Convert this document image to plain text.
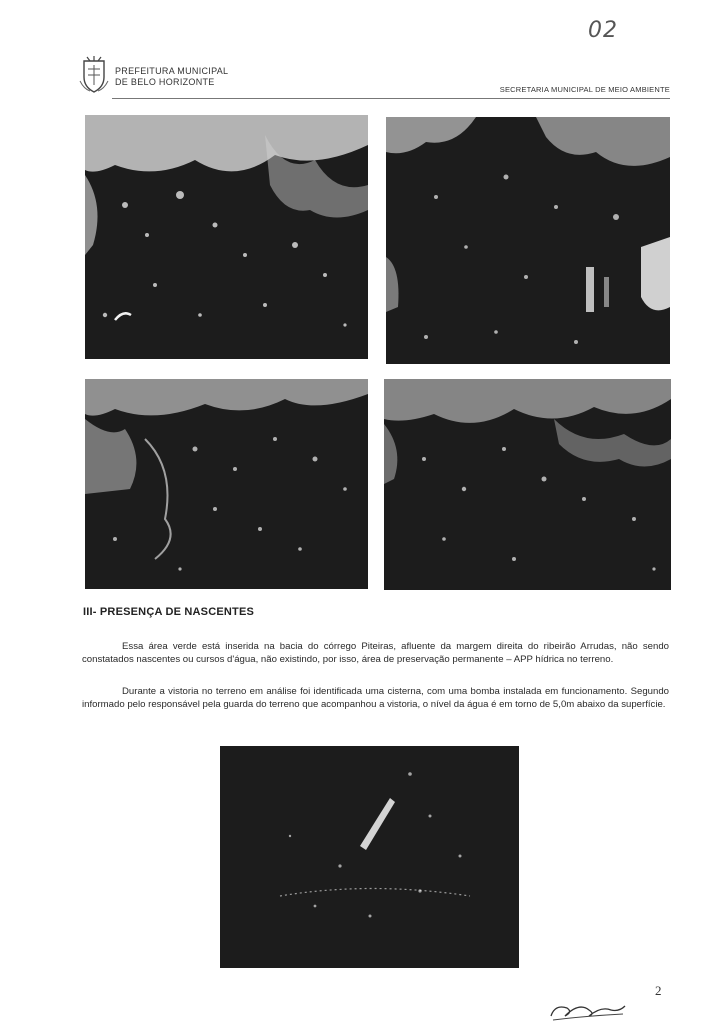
02
PREFEITURA MUNICIPAL
DE BELO HORIZONTE
SECRETARIA MUNICIPAL DE MEIO AMBIENTE
III- PRESENÇA DE NASCENTES
Essa área verde está inserida na bacia do córrego Piteiras, afluente da margem direita do ribeirão Arrudas, não sendo constatados nascentes ou cursos d'água, não existindo, por isso, área de preservação permanente – APP hídrica no terreno.
Durante a vistoria no terreno em análise foi identificada uma cisterna, com uma bomba instalada em funcionamento. Segundo informado pelo responsável pela guarda do terreno que acompanhou a vistoria, o nível da água é em torno de 5,0m abaixo da superfície.
2
